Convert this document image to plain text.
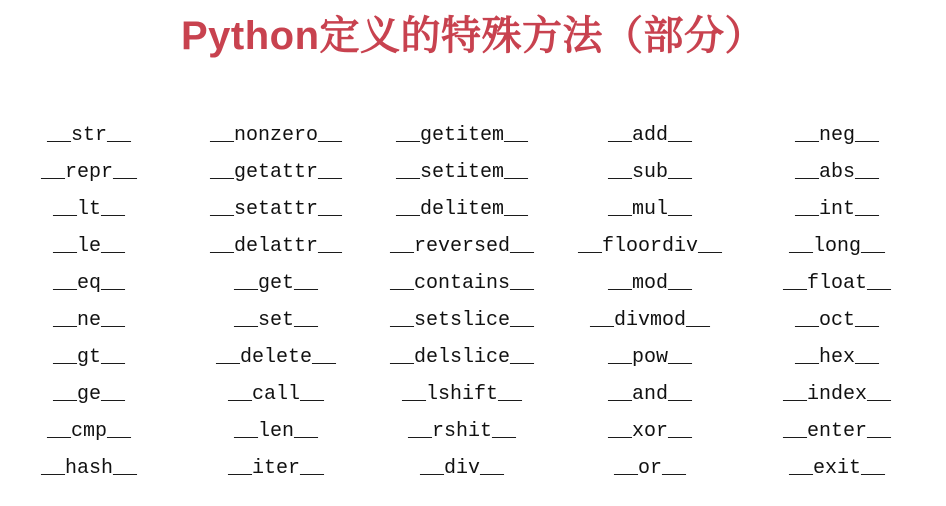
Python定义的特殊方法（部分）
__str__	__nonzero__	__getitem__	__add__	__neg__
__repr__	__getattr__	__setitem__	__sub__	__abs__
__lt__	__setattr__	__delitem__	__mul__	__int__
__le__	__delattr__ __reversed__ __floordiv__	__long__
__eq__	__get__	__contains__	__mod__	__float__
__ne__	__set__	__setslice__	__divmod__	__oct__
__gt__	__delete__	__delslice__	__pow__	__hex__
__ge__	__call__	__lshift__	__and__	__index__
__cmp__	__len__	__rshit__	__xor__	__enter__
__hash__	__iter__	__div__	__or__	__exit__
